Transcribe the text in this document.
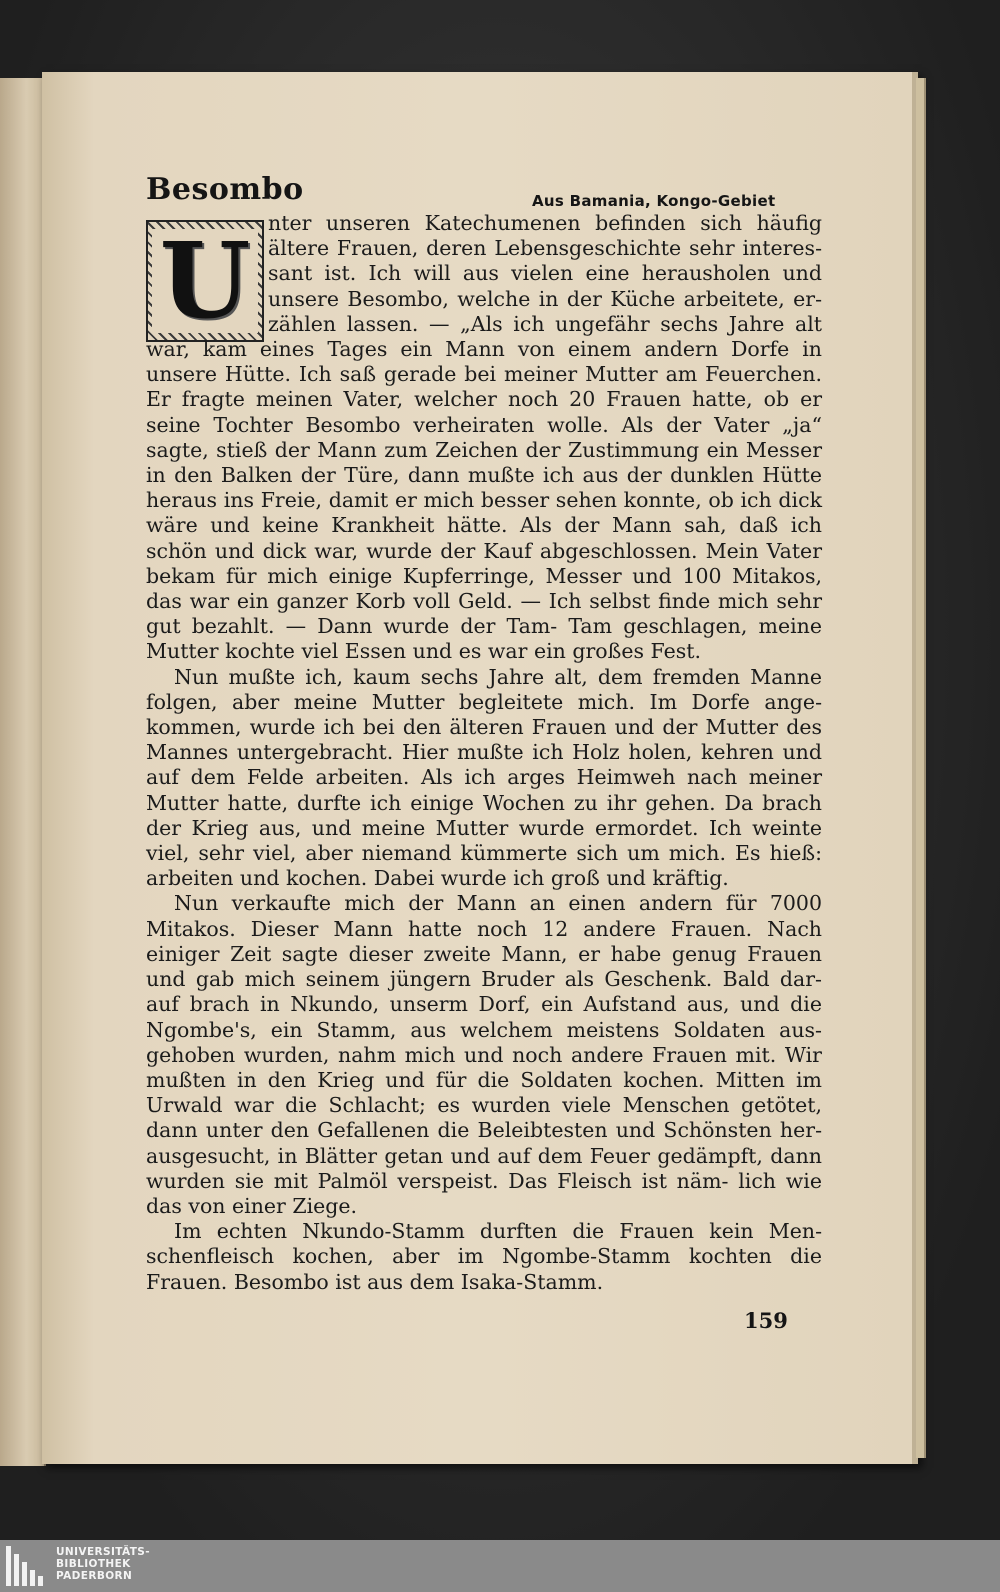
Besombo	Aus Bamania, Kongo-Gebiet
U nter unseren Katechumenen befinden sich häufig ältere Frauen, deren Lebensgeschichte sehr interes- sant ist. Ich will aus vielen eine herausholen und unsere Besombo, welche in der Küche arbeitete, er- zählen lassen. — „Als ich ungefähr sechs Jahre alt war, kam eines Tages ein Mann von einem andern Dorfe in unsere Hütte. Ich saß gerade bei meiner Mutter am Feuerchen. Er fragte meinen Vater, welcher noch 20 Frauen hatte, ob er seine Tochter Besombo verheiraten wolle. Als der Vater „ja“ sagte, stieß der Mann zum Zeichen der Zustimmung ein Messer in den Balken der Türe, dann mußte ich aus der dunklen Hütte heraus ins Freie, damit er mich besser sehen konnte, ob ich dick wäre und keine Krankheit hätte. Als der Mann sah, daß ich schön und dick war, wurde der Kauf abgeschlossen. Mein Vater bekam für mich einige Kupferringe, Messer und 100 Mitakos, das war ein ganzer Korb voll Geld. — Ich selbst finde mich sehr gut bezahlt. — Dann wurde der Tam- Tam geschlagen, meine Mutter kochte viel Essen und es war ein großes Fest.

Nun mußte ich, kaum sechs Jahre alt, dem fremden Manne folgen, aber meine Mutter begleitete mich. Im Dorfe ange- kommen, wurde ich bei den älteren Frauen und der Mutter des Mannes untergebracht. Hier mußte ich Holz holen, kehren und auf dem Felde arbeiten. Als ich arges Heimweh nach meiner Mutter hatte, durfte ich einige Wochen zu ihr gehen. Da brach der Krieg aus, und meine Mutter wurde ermordet. Ich weinte viel, sehr viel, aber niemand kümmerte sich um mich. Es hieß: arbeiten und kochen. Dabei wurde ich groß und kräftig.

Nun verkaufte mich der Mann an einen andern für 7000 Mitakos. Dieser Mann hatte noch 12 andere Frauen. Nach einiger Zeit sagte dieser zweite Mann, er habe genug Frauen und gab mich seinem jüngern Bruder als Geschenk. Bald dar- auf brach in Nkundo, unserm Dorf, ein Aufstand aus, und die Ngombe's, ein Stamm, aus welchem meistens Soldaten aus- gehoben wurden, nahm mich und noch andere Frauen mit. Wir mußten in den Krieg und für die Soldaten kochen. Mitten im Urwald war die Schlacht; es wurden viele Menschen getötet, dann unter den Gefallenen die Beleibtesten und Schönsten her- ausgesucht, in Blätter getan und auf dem Feuer gedämpft, dann wurden sie mit Palmöl verspeist. Das Fleisch ist näm- lich wie das von einer Ziege.

Im echten Nkundo-Stamm durften die Frauen kein Men- schenfleisch kochen, aber im Ngombe-Stamm kochten die Frauen. Besombo ist aus dem Isaka-Stamm.

159
UNIVERSITÄTS-
BIBLIOTHEK
PADERBORN
